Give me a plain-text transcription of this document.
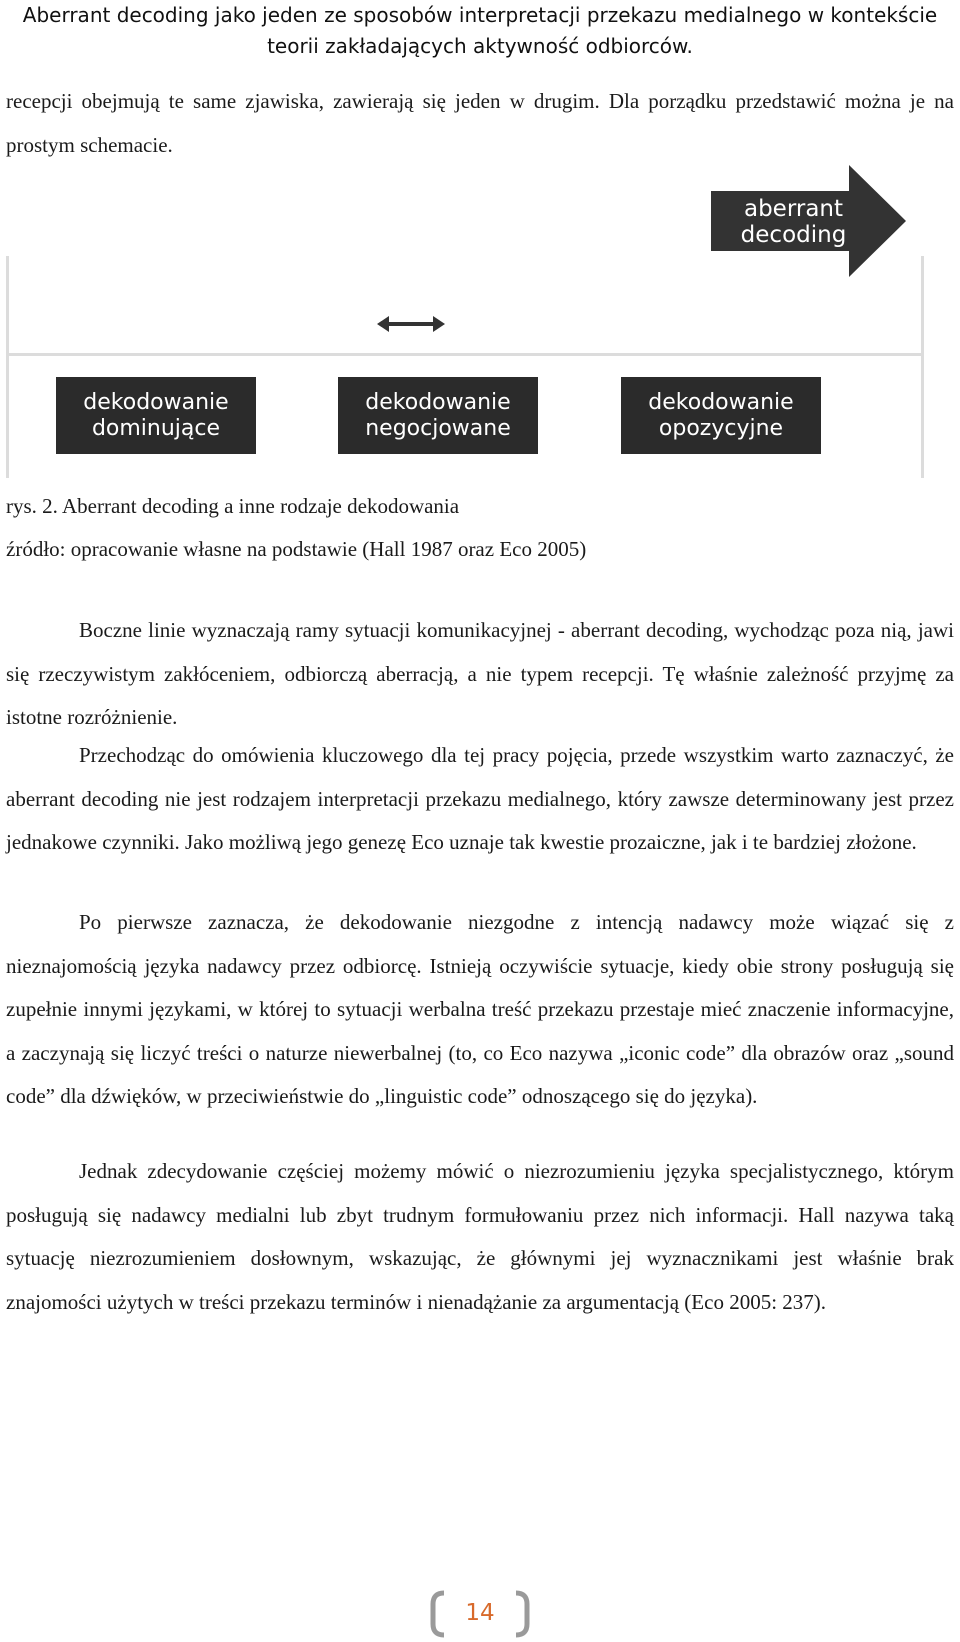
Aberrant decoding jako jeden ze sposobów interpretacji przekazu medialnego w kontekście
teorii zakładających aktywność odbiorców.

recepcji obejmują te same zjawiska, zawierają się jeden w drugim. Dla porządku przedstawić można je na prostym schemacie.

aberrant
decoding
dekodowanie
dominujące
dekodowanie
negocjowane
dekodowanie
opozycyjne
rys. 2. Aberrant decoding a inne rodzaje dekodowania
źródło: opracowanie własne na podstawie (Hall 1987 oraz Eco 2005)

Boczne linie wyznaczają ramy sytuacji komunikacyjnej - aberrant decoding, wychodząc poza nią, jawi się rzeczywistym zakłóceniem, odbiorczą aberracją, a nie typem recepcji. Tę właśnie zależność przyjmę za istotne rozróżnienie.

Przechodząc do omówienia kluczowego dla tej pracy pojęcia, przede wszystkim warto zaznaczyć, że aberrant decoding nie jest rodzajem interpretacji przekazu medialnego, który zawsze determinowany jest przez jednakowe czynniki. Jako możliwą jego genezę Eco uznaje tak kwestie prozaiczne, jak i te bardziej złożone.

Po pierwsze zaznacza, że dekodowanie niezgodne z intencją nadawcy może wiązać się z nieznajomością języka nadawcy przez odbiorcę. Istnieją oczywiście sytuacje, kiedy obie strony posługują się zupełnie innymi językami, w której to sytuacji werbalna treść przekazu przestaje mieć znaczenie informacyjne, a zaczynają się liczyć treści o naturze niewerbalnej (to, co Eco nazywa „iconic code” dla obrazów oraz „sound code” dla dźwięków, w przeciwieństwie do „linguistic code” odnoszącego się do języka).

Jednak zdecydowanie częściej możemy mówić o niezrozumieniu języka specjalistycznego, którym posługują się nadawcy medialni lub zbyt trudnym formułowaniu przez nich informacji. Hall nazywa taką sytuację niezrozumieniem dosłownym, wskazując, że głównymi jej wyznacznikami jest właśnie brak znajomości użytych w treści przekazu terminów i nienadążanie za argumentacją (Eco 2005: 237).

14
